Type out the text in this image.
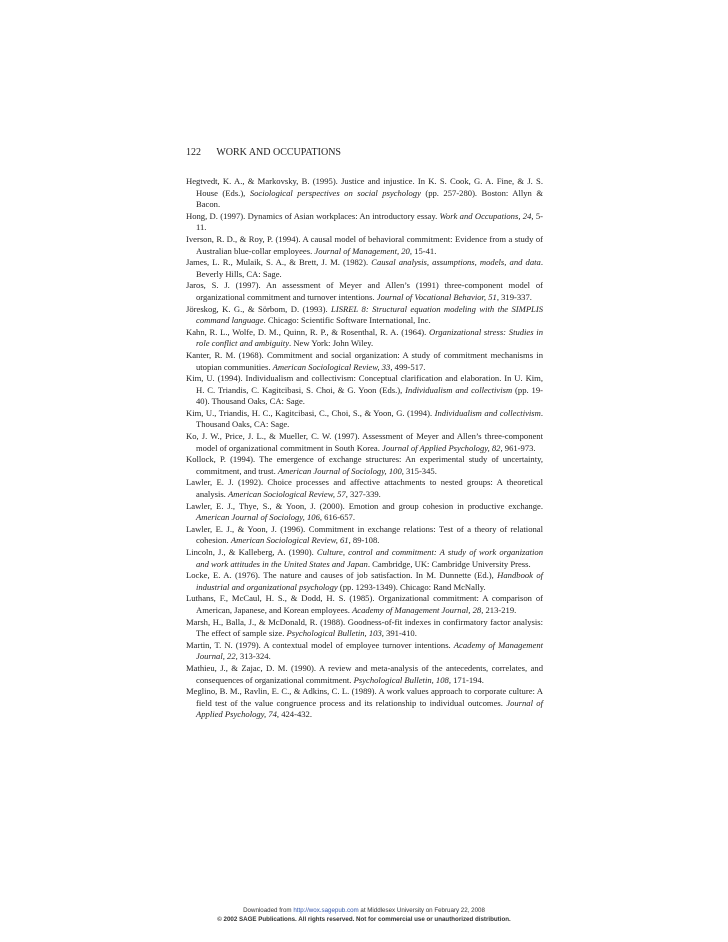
122 WORK AND OCCUPATIONS

Hegtvedt, K. A., & Markovsky, B. (1995). Justice and injustice. In K. S. Cook, G. A. Fine, & J. S. House (Eds.), Sociological perspectives on social psychology (pp. 257-280). Boston: Allyn & Bacon.

Hong, D. (1997). Dynamics of Asian workplaces: An introductory essay. Work and Occupations, 24, 5-11.

Iverson, R. D., & Roy, P. (1994). A causal model of behavioral commitment: Evidence from a study of Australian blue-collar employees. Journal of Management, 20, 15-41.

James, L. R., Mulaik, S. A., & Brett, J. M. (1982). Causal analysis, assumptions, models, and data. Beverly Hills, CA: Sage.

Jaros, S. J. (1997). An assessment of Meyer and Allen’s (1991) three-component model of organizational commitment and turnover intentions. Journal of Vocational Behavior, 51, 319-337.

Jöreskog, K. G., & Sörbom, D. (1993). LISREL 8: Structural equation modeling with the SIMPLIS command language. Chicago: Scientific Software International, Inc.

Kahn, R. L., Wolfe, D. M., Quinn, R. P., & Rosenthal, R. A. (1964). Organizational stress: Studies in role conflict and ambiguity. New York: John Wiley.

Kanter, R. M. (1968). Commitment and social organization: A study of commitment mechanisms in utopian communities. American Sociological Review, 33, 499-517.

Kim, U. (1994). Individualism and collectivism: Conceptual clarification and elaboration. In U. Kim, H. C. Triandis, C. Kagitcibasi, S. Choi, & G. Yoon (Eds.), Individualism and collectivism (pp. 19-40). Thousand Oaks, CA: Sage.

Kim, U., Triandis, H. C., Kagitcibasi, C., Choi, S., & Yoon, G. (1994). Individualism and collectivism. Thousand Oaks, CA: Sage.

Ko, J. W., Price, J. L., & Mueller, C. W. (1997). Assessment of Meyer and Allen’s three-component model of organizational commitment in South Korea. Journal of Applied Psychology, 82, 961-973.

Kollock, P. (1994). The emergence of exchange structures: An experimental study of uncertainty, commitment, and trust. American Journal of Sociology, 100, 315-345.

Lawler, E. J. (1992). Choice processes and affective attachments to nested groups: A theoretical analysis. American Sociological Review, 57, 327-339.

Lawler, E. J., Thye, S., & Yoon, J. (2000). Emotion and group cohesion in productive exchange. American Journal of Sociology, 106, 616-657.

Lawler, E. J., & Yoon, J. (1996). Commitment in exchange relations: Test of a theory of relational cohesion. American Sociological Review, 61, 89-108.

Lincoln, J., & Kalleberg, A. (1990). Culture, control and commitment: A study of work organization and work attitudes in the United States and Japan. Cambridge, UK: Cambridge University Press.

Locke, E. A. (1976). The nature and causes of job satisfaction. In M. Dunnette (Ed.), Handbook of industrial and organizational psychology (pp. 1293-1349). Chicago: Rand McNally.

Luthans, F., McCaul, H. S., & Dodd, H. S. (1985). Organizational commitment: A comparison of American, Japanese, and Korean employees. Academy of Management Journal, 28, 213-219.

Marsh, H., Balla, J., & McDonald, R. (1988). Goodness-of-fit indexes in confirmatory factor analysis: The effect of sample size. Psychological Bulletin, 103, 391-410.

Martin, T. N. (1979). A contextual model of employee turnover intentions. Academy of Management Journal, 22, 313-324.

Mathieu, J., & Zajac, D. M. (1990). A review and meta-analysis of the antecedents, correlates, and consequences of organizational commitment. Psychological Bulletin, 108, 171-194.

Meglino, B. M., Ravlin, E. C., & Adkins, C. L. (1989). A work values approach to corporate culture: A field test of the value congruence process and its relationship to individual outcomes. Journal of Applied Psychology, 74, 424-432.

Downloaded from http://wox.sagepub.com at Middlesex University on February 22, 2008
© 2002 SAGE Publications. All rights reserved. Not for commercial use or unauthorized distribution.
